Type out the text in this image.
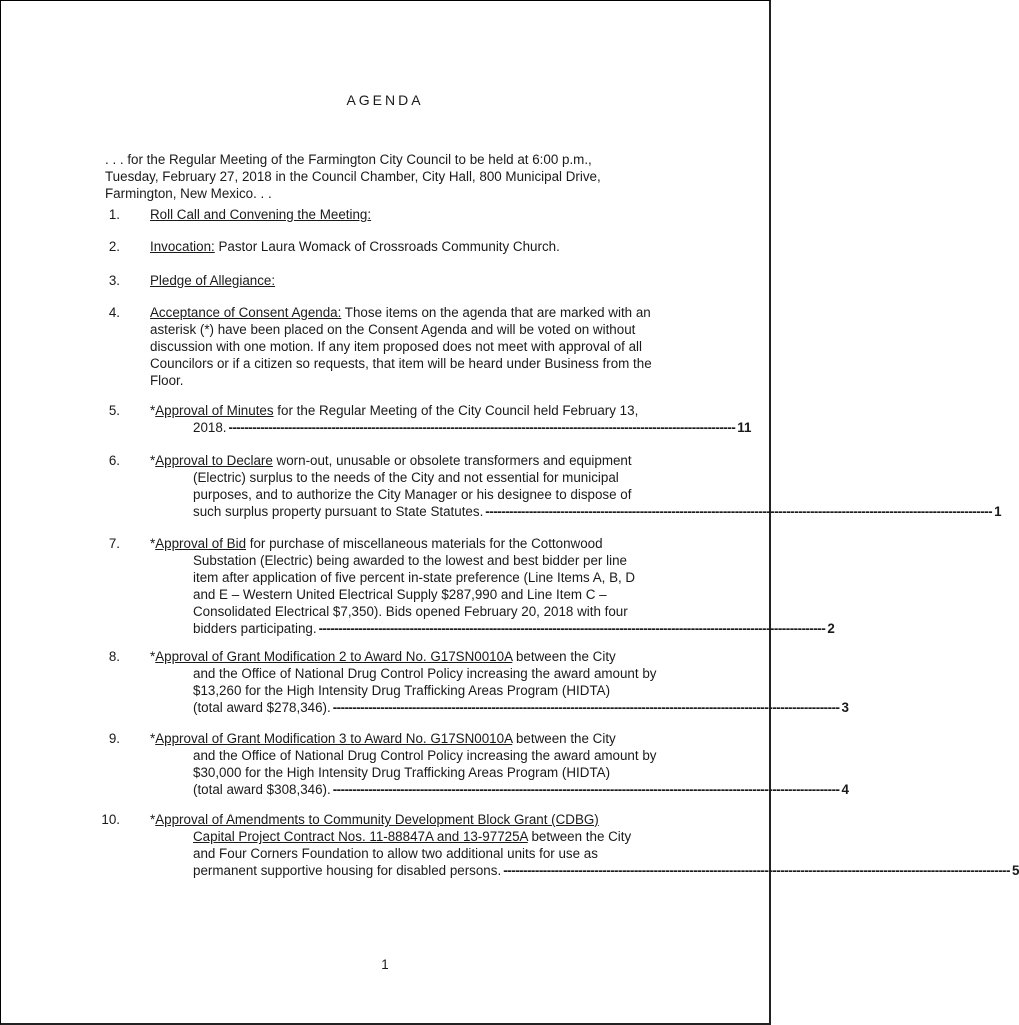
AGENDA
. . . for the Regular Meeting of the Farmington City Council to be held at 6:00 p.m., Tuesday, February 27, 2018 in the Council Chamber, City Hall, 800 Municipal Drive, Farmington, New Mexico. . .
1. Roll Call and Convening the Meeting:
2. Invocation: Pastor Laura Womack of Crossroads Community Church.
3. Pledge of Allegiance:
4. Acceptance of Consent Agenda: Those items on the agenda that are marked with an asterisk (*) have been placed on the Consent Agenda and will be voted on without discussion with one motion. If any item proposed does not meet with approval of all Councilors or if a citizen so requests, that item will be heard under Business from the Floor.
5. *Approval of Minutes for the Regular Meeting of the City Council held February 13,
2018. -------------------------------------------------------------------------------------------------------------------------------- 11
6. *Approval to Declare worn-out, unusable or obsolete transformers and equipment
(Electric) surplus to the needs of the City and not essential for municipal purposes, and to authorize the City Manager or his designee to dispose of
such surplus property pursuant to State Statutes. -------------------------------------------------------------------------------------------------------------------------------- 1
7. *Approval of Bid for purchase of miscellaneous materials for the Cottonwood
Substation (Electric) being awarded to the lowest and best bidder per line item after application of five percent in-state preference (Line Items A, B, D and E – Western United Electrical Supply $287,990 and Line Item C – Consolidated Electrical $7,350). Bids opened February 20, 2018 with four
bidders participating. -------------------------------------------------------------------------------------------------------------------------------- 2
8. *Approval of Grant Modification 2 to Award No. G17SN0010A between the City
and the Office of National Drug Control Policy increasing the award amount by $13,260 for the High Intensity Drug Trafficking Areas Program (HIDTA)
(total award $278,346). -------------------------------------------------------------------------------------------------------------------------------- 3
9. *Approval of Grant Modification 3 to Award No. G17SN0010A between the City
and the Office of National Drug Control Policy increasing the award amount by $30,000 for the High Intensity Drug Trafficking Areas Program (HIDTA)
(total award $308,346). -------------------------------------------------------------------------------------------------------------------------------- 4
10. *Approval of Amendments to Community Development Block Grant (CDBG)
Capital Project Contract Nos. 11-88847A and 13-97725A between the City
and Four Corners Foundation to allow two additional units for use as
permanent supportive housing for disabled persons. -------------------------------------------------------------------------------------------------------------------------------- 5
1
